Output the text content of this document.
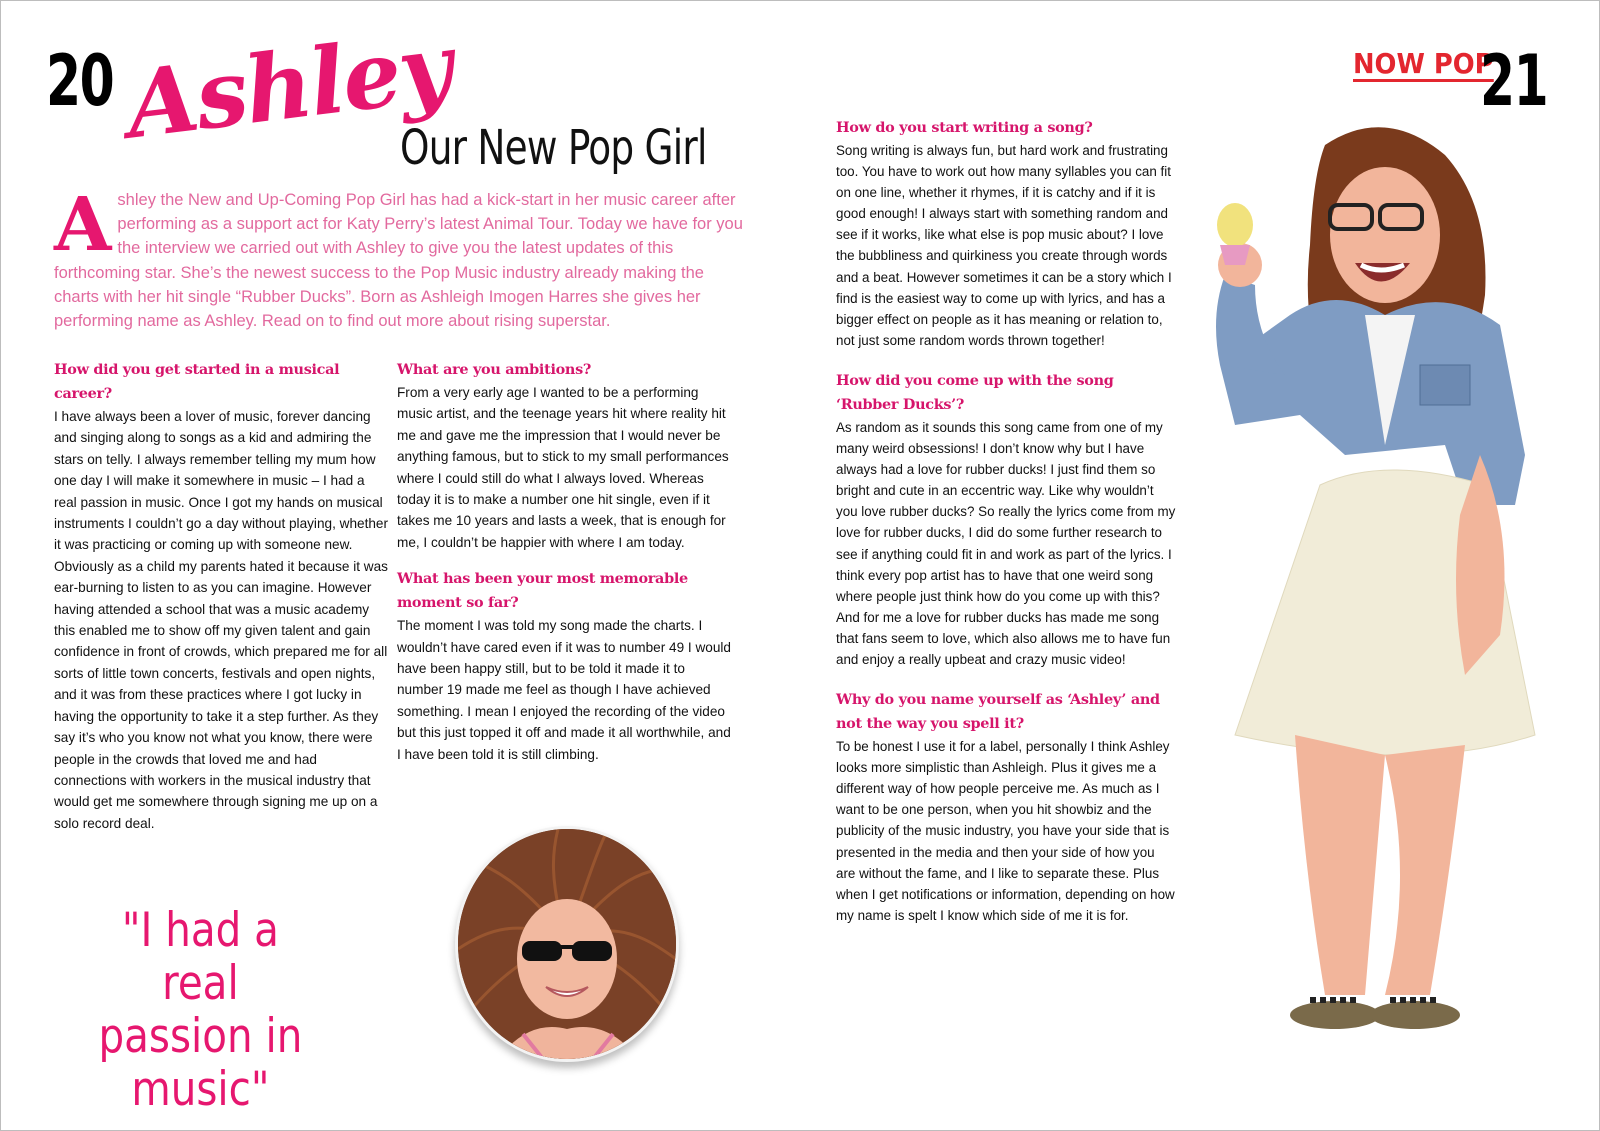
20 Ashley
Our New Pop Girl
Ashley the New and Up-Coming Pop Girl has had a kick-start in her music career after performing as a support act for Katy Perry’s latest Animal Tour. Today we have for you the interview we carried out with Ashley to give you the latest updates of this forthcoming star. She’s the newest success to the Pop Music industry already making the charts with her hit single “Rubber Ducks”. Born as Ashleigh Imogen Harres she gives her performing name as Ashley. Read on to find out more about rising superstar.
How did you get started in a musical career?

I have always been a lover of music, forever dancing and singing along to songs as a kid and admiring the stars on telly. I always remember telling my mum how one day I will make it somewhere in music – I had a real passion in music. Once I got my hands on musical instruments I couldn’t go a day without playing, whether it was practicing or coming up with someone new. Obviously as a child my parents hated it because it was ear-burning to listen to as you can imagine. However having attended a school that was a music academy this enabled me to show off my given talent and gain confidence in front of crowds, which prepared me for all sorts of little town concerts, festivals and open nights, and it was from these practices where I got lucky in having the opportunity to take it a step further. As they say it’s who you know not what you know, there were people in the crowds that loved me and had connections with workers in the musical industry that would get me somewhere through signing me up on a solo record deal.

What are you ambitions?

From a very early age I wanted to be a performing music artist, and the teenage years hit where reality hit me and gave me the impression that I would never be anything famous, but to stick to my small performances where I could still do what I always loved. Whereas today it is to make a number one hit single, even if it takes me 10 years and lasts a week, that is enough for me, I couldn’t be happier with where I am today.

What has been your most memorable moment so far?

The moment I was told my song made the charts. I wouldn’t have cared even if it was to number 49 I would have been happy still, but to be told it made it to number 19 made me feel as though I have achieved something. I mean I enjoyed the recording of the video but this just topped it off and made it all worthwhile, and I have been told it is still climbing.

"I had a real passion in music"
NOW POP
21
How do you start writing a song?

Song writing is always fun, but hard work and frustrating too. You have to work out how many syllables you can fit on one line, whether it rhymes, if it is catchy and if it is good enough! I always start with something random and see if it works, like what else is pop music about? I love the bubbliness and quirkiness you create through words and a beat. However sometimes it can be a story which I find is the easiest way to come up with lyrics, and has a bigger effect on people as it has meaning or relation to, not just some random words thrown together!

How did you come up with the song ‘Rubber Ducks’?

As random as it sounds this song came from one of my many weird obsessions! I don’t know why but I have always had a love for rubber ducks! I just find them so bright and cute in an eccentric way. Like why wouldn’t you love rubber ducks? So really the lyrics come from my love for rubber ducks, I did do some further research to see if anything could fit in and work as part of the lyrics. I think every pop artist has to have that one weird song where people just think how do you come up with this? And for me a love for rubber ducks has made me song that fans seem to love, which also allows me to have fun and enjoy a really upbeat and crazy music video!

Why do you name yourself as ‘Ashley’ and not the way you spell it?

To be honest I use it for a label, personally I think Ashley looks more simplistic than Ashleigh. Plus it gives me a different way of how people perceive me. As much as I want to be one person, when you hit showbiz and the publicity of the music industry, you have your side that is presented in the media and then your side of how you are without the fame, and I like to separate these. Plus when I get notifications or information, depending on how my name is spelt I know which side of me it is for.
